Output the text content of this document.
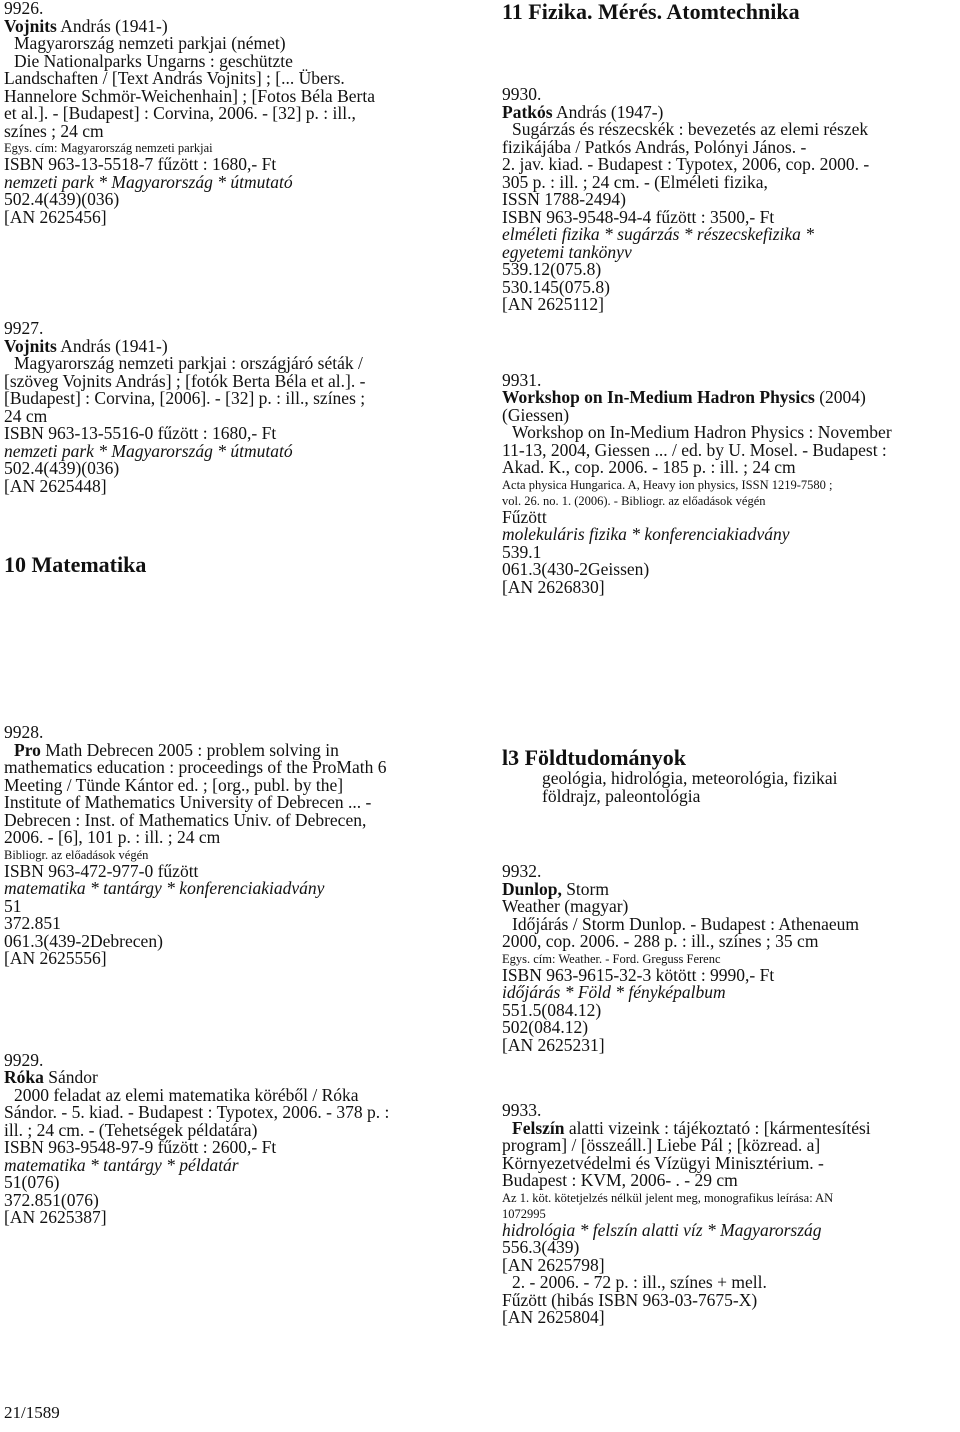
9926.
Vojnits András (1941-)
Magyarország nemzeti parkjai (német)
Die Nationalparks Ungarns : geschützte
Landschaften / [Text András Vojnits] ; [... Übers.
Hannelore Schmör-Weichenhain] ; [Fotos Béla Berta
et al.]. - [Budapest] : Corvina, 2006. - [32] p. : ill.,
színes ; 24 cm
Egys. cím: Magyarország nemzeti parkjai
ISBN 963-13-5518-7 fűzött : 1680,- Ft
nemzeti park * Magyarország * útmutató
502.4(439)(036)
[AN 2625456]
9927.
Vojnits András (1941-)
Magyarország nemzeti parkjai : országjáró séták /
[szöveg Vojnits András] ; [fotók Berta Béla et al.]. -
[Budapest] : Corvina, [2006]. - [32] p. : ill., színes ;
24 cm
ISBN 963-13-5516-0 fűzött : 1680,- Ft
nemzeti park * Magyarország * útmutató
502.4(439)(036)
[AN 2625448]
10 Matematika
11 Fizika. Mérés. Atomtechnika
9930.
Patkós András (1947-)
Sugárzás és részecskék : bevezetés az elemi részek
fizikájába / Patkós András, Polónyi János. -
2. jav. kiad. - Budapest : Typotex, 2006, cop. 2000. -
305 p. : ill. ; 24 cm. - (Elméleti fizika,
ISSN 1788-2494)
ISBN 963-9548-94-4 fűzött : 3500,- Ft
elméleti fizika * sugárzás * részecskefizika *
egyetemi tankönyv
539.12(075.8)
530.145(075.8)
[AN 2625112]
9931.
Workshop on In-Medium Hadron Physics (2004)
(Giessen)
Workshop on In-Medium Hadron Physics : November
11-13, 2004, Giessen ... / ed. by U. Mosel. - Budapest :
Akad. K., cop. 2006. - 185 p. : ill. ; 24 cm
Acta physica Hungarica. A, Heavy ion physics, ISSN 1219-7580 ;
vol. 26. no. 1. (2006). - Bibliogr. az előadások végén
Fűzött
molekuláris fizika * konferenciakiadvány
539.1
061.3(430-2Geissen)
[AN 2626830]
9928.
Pro Math Debrecen 2005 : problem solving in
mathematics education : proceedings of the ProMath 6
Meeting / Tünde Kántor ed. ; [org., publ. by the]
Institute of Mathematics University of Debrecen ... -
Debrecen : Inst. of Mathematics Univ. of Debrecen,
2006. - [6], 101 p. : ill. ; 24 cm
Bibliogr. az előadások végén
ISBN 963-472-977-0 fűzött
matematika * tantárgy * konferenciakiadvány
51
372.851
061.3(439-2Debrecen)
[AN 2625556]
9929.
Róka Sándor
2000 feladat az elemi matematika köréből / Róka
Sándor. - 5. kiad. - Budapest : Typotex, 2006. - 378 p. :
ill. ; 24 cm. - (Tehetségek példatára)
ISBN 963-9548-97-9 fűzött : 2600,- Ft
matematika * tantárgy * példatár
51(076)
372.851(076)
[AN 2625387]
l3 Földtudományok
geológia, hidrológia, meteorológia, fizikai
földrajz, paleontológia
9932.
Dunlop, Storm
Weather (magyar)
Időjárás / Storm Dunlop. - Budapest : Athenaeum
2000, cop. 2006. - 288 p. : ill., színes ; 35 cm
Egys. cím: Weather. - Ford. Greguss Ferenc
ISBN 963-9615-32-3 kötött : 9990,- Ft
időjárás * Föld * fényképalbum
551.5(084.12)
502(084.12)
[AN 2625231]
9933.
Felszín alatti vizeink : tájékoztató : [kármentesítési
program] / [összeáll.] Liebe Pál ; [közread. a]
Környezetvédelmi és Vízügyi Minisztérium. -
Budapest : KVM, 2006- . - 29 cm
Az 1. köt. kötetjelzés nélkül jelent meg, monografikus leírása: AN
1072995
hidrológia * felszín alatti víz * Magyarország
556.3(439)
[AN 2625798]
2. - 2006. - 72 p. : ill., színes + mell.
Fűzött (hibás ISBN 963-03-7675-X)
[AN 2625804]
21/1589
